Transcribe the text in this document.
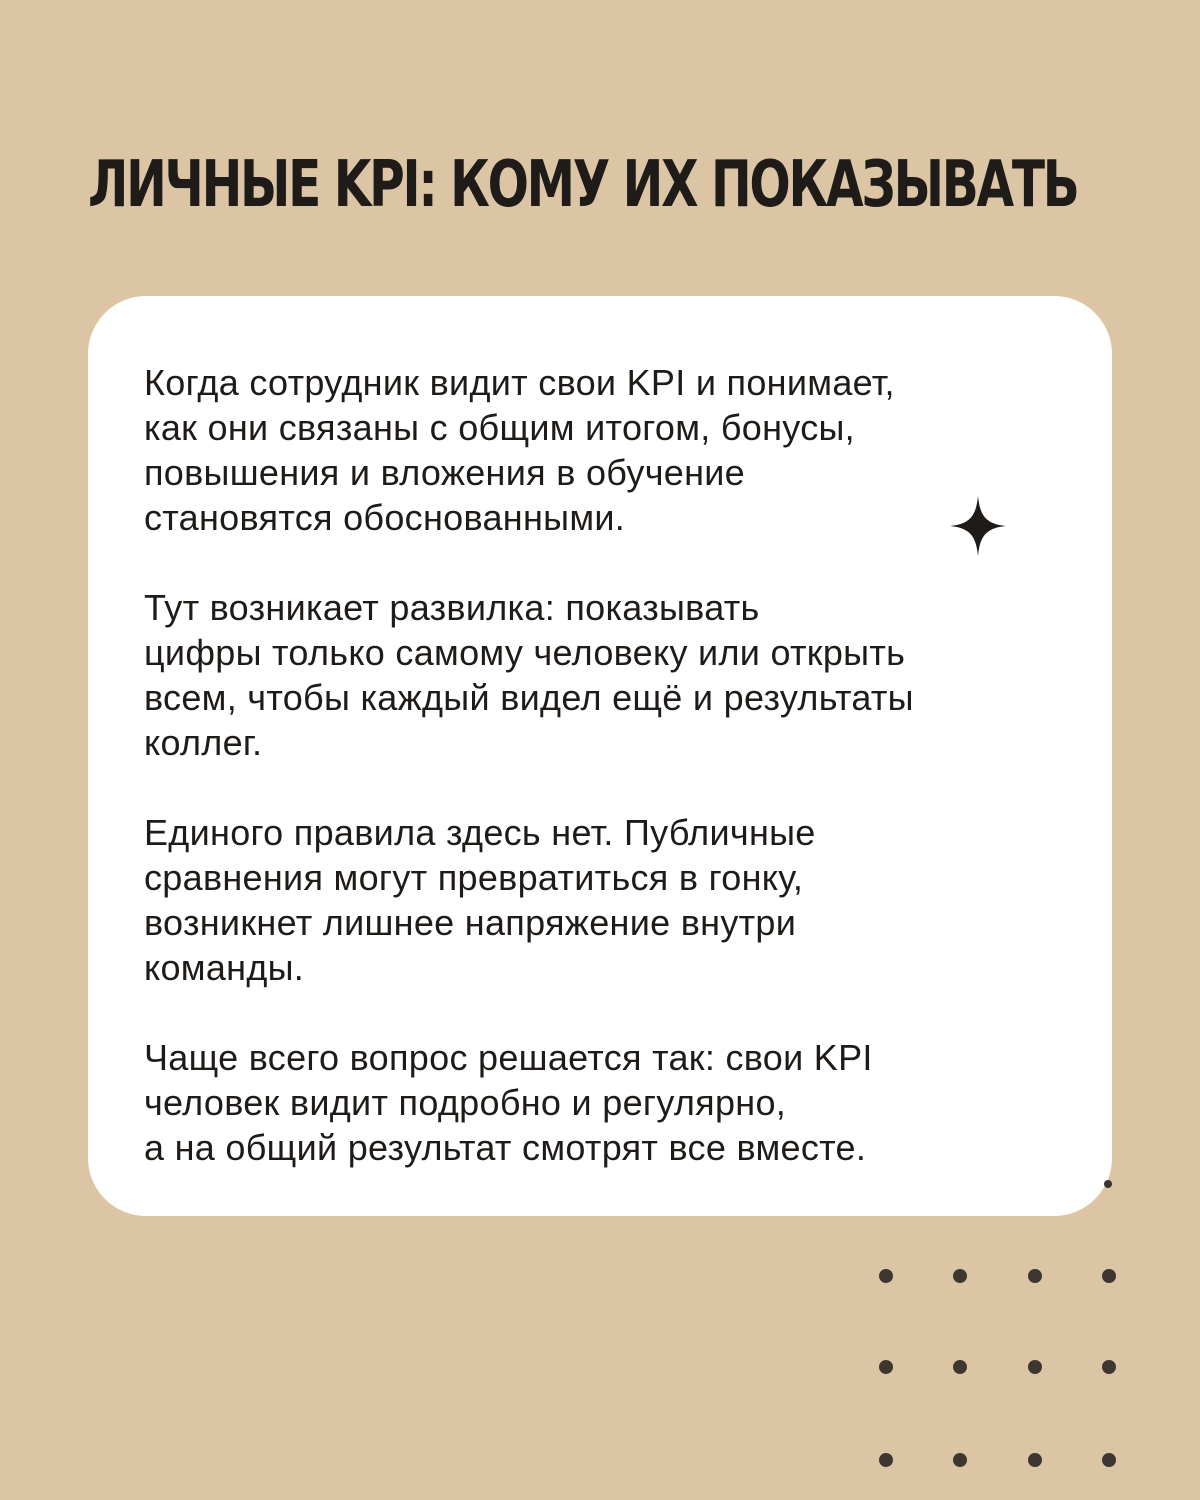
ЛИЧНЫЕ KPI: КОМУ ИХ ПОКАЗЫВАТЬ

Когда сотрудник видит свои KPI и понимает,
как они связаны с общим итогом, бонусы,
повышения и вложения в обучение
становятся обоснованными.

Тут возникает развилка: показывать
цифры только самому человеку или открыть
всем, чтобы каждый видел ещё и результаты
коллег.

Единого правила здесь нет. Публичные
сравнения могут превратиться в гонку,
возникнет лишнее напряжение внутри
команды.

Чаще всего вопрос решается так: свои KPI
человек видит подробно и регулярно,
а на общий результат смотрят все вместе.
